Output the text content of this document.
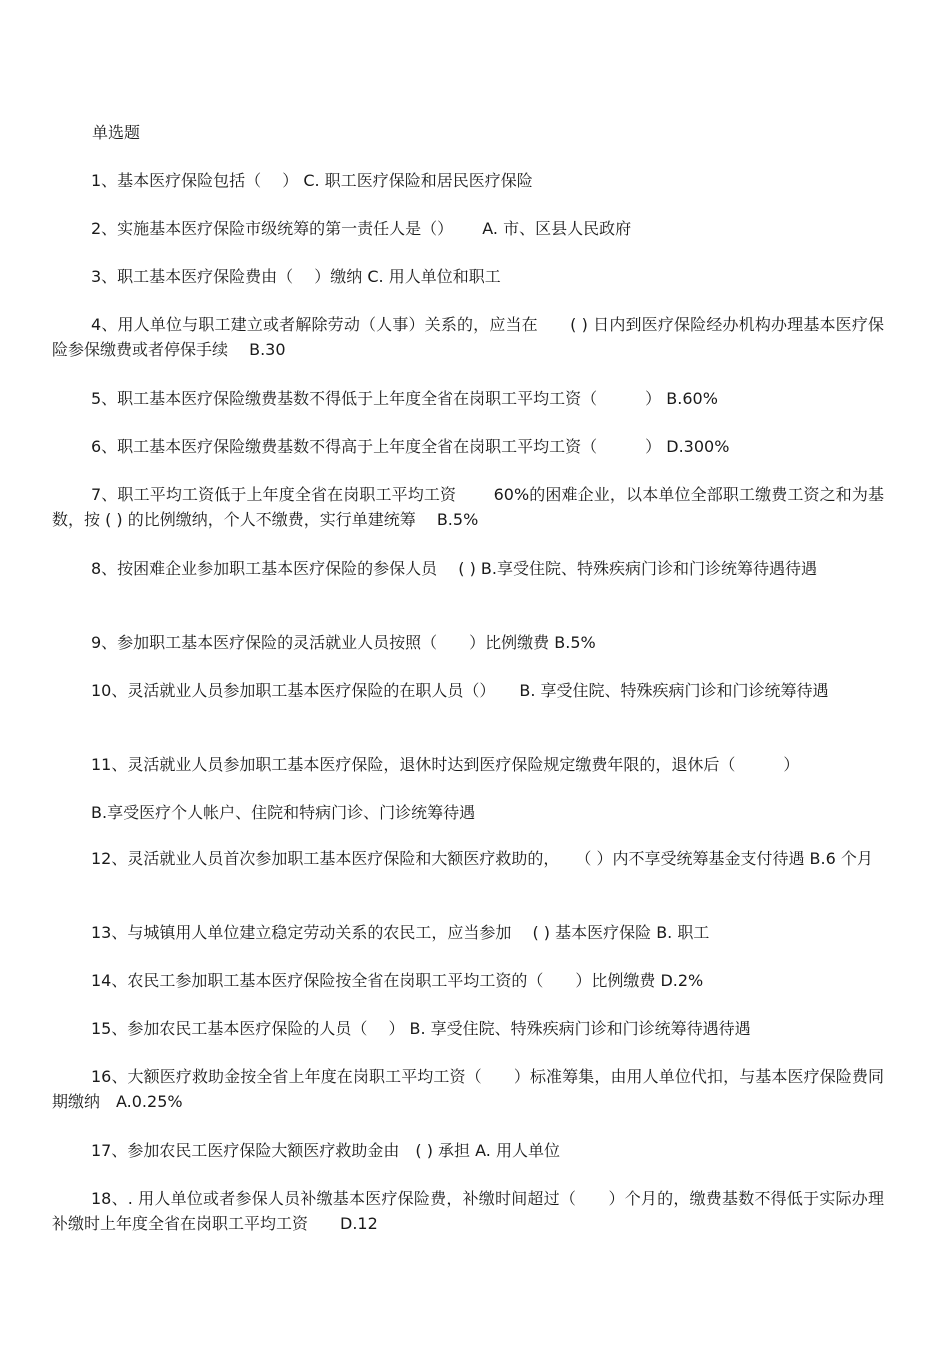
单选题

1、基本医疗保险包括（　 ） C. 职工医疗保险和居民医疗保险

2、实施基本医疗保险市级统筹的第一责任人是（）　　 A. 市、区县人民政府

3、职工基本医疗保险费由（　 ）缴纳 C. 用人单位和职工

4、用人单位与职工建立或者解除劳动（人事）关系的，应当在　　( ) 日内到医疗保险经办机构办理基本医疗保险参保缴费或者停保手续　 B.30

5、职工基本医疗保险缴费基数不得低于上年度全省在岗职工平均工资（　　　） B.60%

6、职工基本医疗保险缴费基数不得高于上年度全省在岗职工平均工资（　　　） D.300%

7、职工平均工资低于上年度全省在岗职工平均工资　　 60%的困难企业，以本单位全部职工缴费工资之和为基数，按 ( ) 的比例缴纳，个人不缴费，实行单建统筹　 B.5%

8、按困难企业参加职工基本医疗保险的参保人员　 ( ) B.享受住院、特殊疾病门诊和门诊统筹待遇待遇

9、参加职工基本医疗保险的灵活就业人员按照（　　）比例缴费 B.5%

10、灵活就业人员参加职工基本医疗保险的在职人员（）　　B. 享受住院、特殊疾病门诊和门诊统筹待遇

11、灵活就业人员参加职工基本医疗保险，退休时达到医疗保险规定缴费年限的，退休后（　　　）

B.享受医疗个人帐户、住院和特病门诊、门诊统筹待遇

12、灵活就业人员首次参加职工基本医疗保险和大额医疗救助的，　　（ ）内不享受统筹基金支付待遇 B.6 个月

13、与城镇用人单位建立稳定劳动关系的农民工，应当参加　 ( ) 基本医疗保险 B. 职工

14、农民工参加职工基本医疗保险按全省在岗职工平均工资的（　　）比例缴费 D.2%

15、参加农民工基本医疗保险的人员（　 ） B. 享受住院、特殊疾病门诊和门诊统筹待遇待遇

16、大额医疗救助金按全省上年度在岗职工平均工资（　　）标准筹集，由用人单位代扣，与基本医疗保险费同期缴纳　A.0.25%

17、参加农民工医疗保险大额医疗救助金由　( ) 承担 A. 用人单位

18、. 用人单位或者参保人员补缴基本医疗保险费，补缴时间超过（　　）个月的，缴费基数不得低于实际办理补缴时上年度全省在岗职工平均工资　　D.12
